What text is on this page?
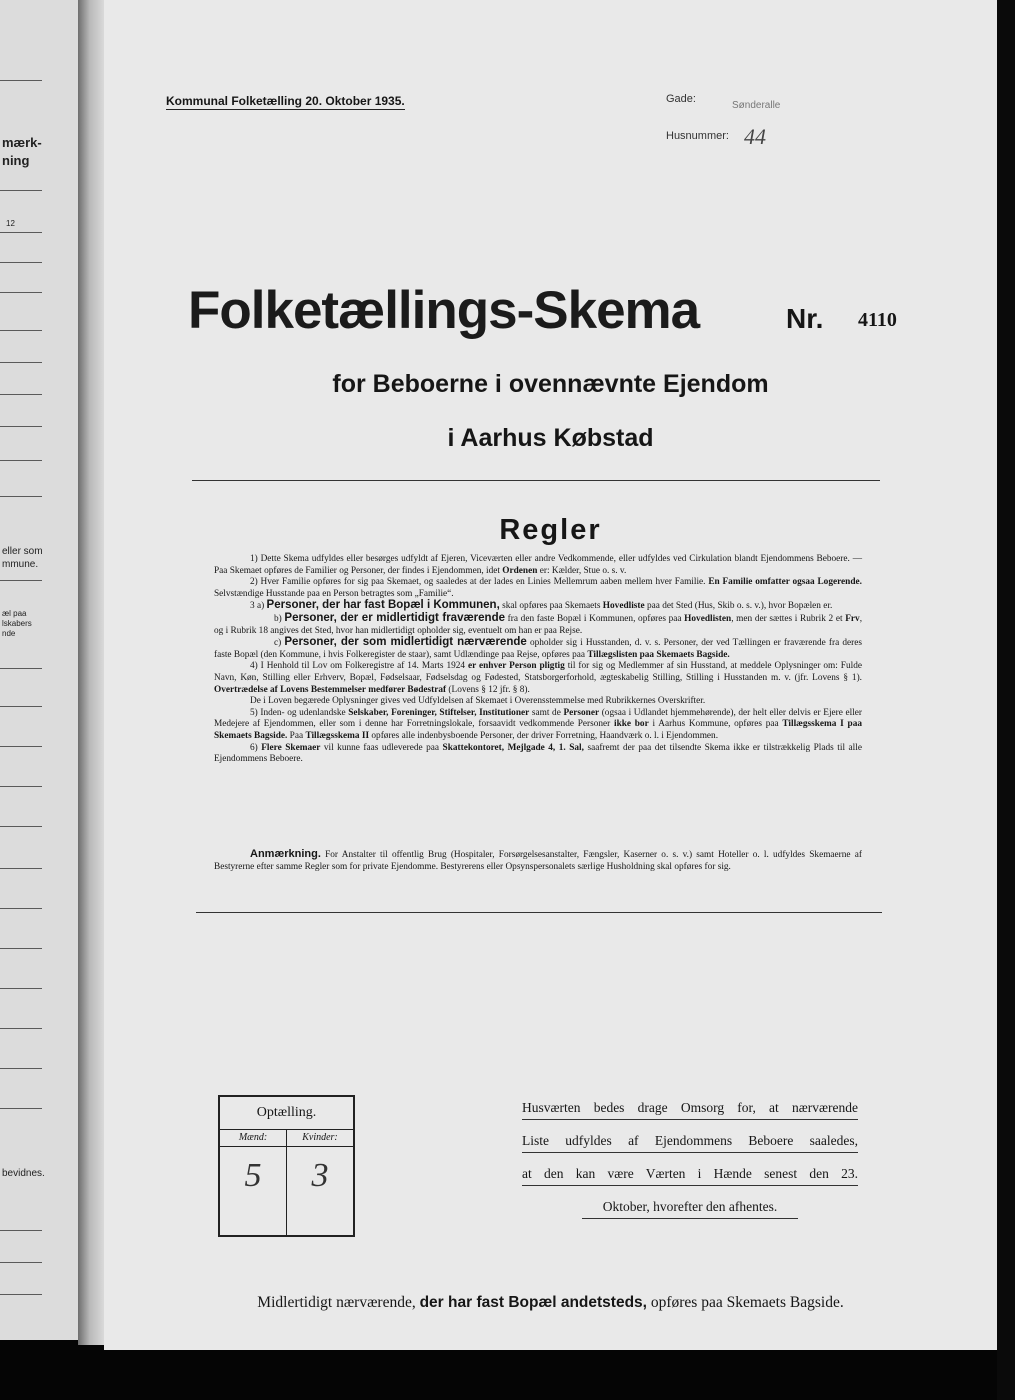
mærk-
ning
12
eller som
mmune.
æl paa
lskabers
nde
bevidnes.
Kommunal Folketælling 20. Oktober 1935.	Gade:
Sønderalle
Husnummer: 44
Folketællings-Skema	Nr. 4110
for Beboerne i ovennævnte Ejendom
i Aarhus Købstad
Regler

1) Dette Skema udfyldes eller besørges udfyldt af Ejeren, Viceværten eller andre Vedkommende, eller udfyldes ved Cirkulation blandt Ejendommens Beboere. — Paa Skemaet opføres de Familier og Personer, der findes i Ejendommen, idet Ordenen er: Kælder, Stue o. s. v.

2) Hver Familie opføres for sig paa Skemaet, og saaledes at der lades en Linies Mellemrum aaben mellem hver Familie. En Familie omfatter ogsaa Logerende. Selvstændige Husstande paa en Person betragtes som „Familie“.

3 a) Personer, der har fast Bopæl i Kommunen, skal opføres paa Skemaets Hovedliste paa det Sted (Hus, Skib o. s. v.), hvor Bopælen er.

b) Personer, der er midlertidigt fraværende fra den faste Bopæl i Kommunen, opføres paa Hovedlisten, men der sættes i Rubrik 2 et Frv, og i Rubrik 18 angives det Sted, hvor han midlertidigt opholder sig, eventuelt om han er paa Rejse.

c) Personer, der som midlertidigt nærværende opholder sig i Husstanden, d. v. s. Personer, der ved Tællingen er fraværende fra deres faste Bopæl (den Kommune, i hvis Folkeregister de staar), samt Udlændinge paa Rejse, opføres paa Tillægslisten paa Skemaets Bagside.

4) I Henhold til Lov om Folkeregistre af 14. Marts 1924 er enhver Person pligtig til for sig og Medlemmer af sin Husstand, at meddele Oplysninger om: Fulde Navn, Køn, Stilling eller Erhverv, Bopæl, Fødselsaar, Fødselsdag og Fødested, Statsborgerforhold, ægteskabelig Stilling, Stilling i Husstanden m. v. (jfr. Lovens § 1). Overtrædelse af Lovens Bestemmelser medfører Bødestraf (Lovens § 12 jfr. § 8).

De i Loven begærede Oplysninger gives ved Udfyldelsen af Skemaet i Overensstemmelse med Rubrikkernes Overskrifter.

5) Inden- og udenlandske Selskaber, Foreninger, Stiftelser, Institutioner samt de Personer (ogsaa i Udlandet hjemmehørende), der helt eller delvis er Ejere eller Medejere af Ejendommen, eller som i denne har Forretningslokale, forsaavidt vedkommende Personer ikke bor i Aarhus Kommune, opføres paa Tillægsskema I paa Skemaets Bagside. Paa Tillægsskema II opføres alle indenbysboende Personer, der driver Forretning, Haandværk o. l. i Ejendommen.

6) Flere Skemaer vil kunne faas udleverede paa Skattekontoret, Mejlgade 4, 1. Sal, saafremt der paa det tilsendte Skema ikke er tilstrækkelig Plads til alle Ejendommens Beboere.

Anmærkning. For Anstalter til offentlig Brug (Hospitaler, Forsørgelsesanstalter, Fængsler, Kaserner o. s. v.) samt Hoteller o. l. udfyldes Skemaerne af Bestyrerne efter samme Regler som for private Ejendomme. Bestyrerens eller Opsynspersonalets særlige Husholdning skal opføres for sig.
Optælling.
Mænd:
5
Kvinder:
3
Husværten bedes drage Omsorg for, at nærværende
Liste udfyldes af Ejendommens Beboere saaledes,
at den kan være Værten i Hænde senest den 23.
Oktober, hvorefter den afhentes.
Midlertidigt nærværende, der har fast Bopæl andetsteds, opføres paa Skemaets Bagside.
